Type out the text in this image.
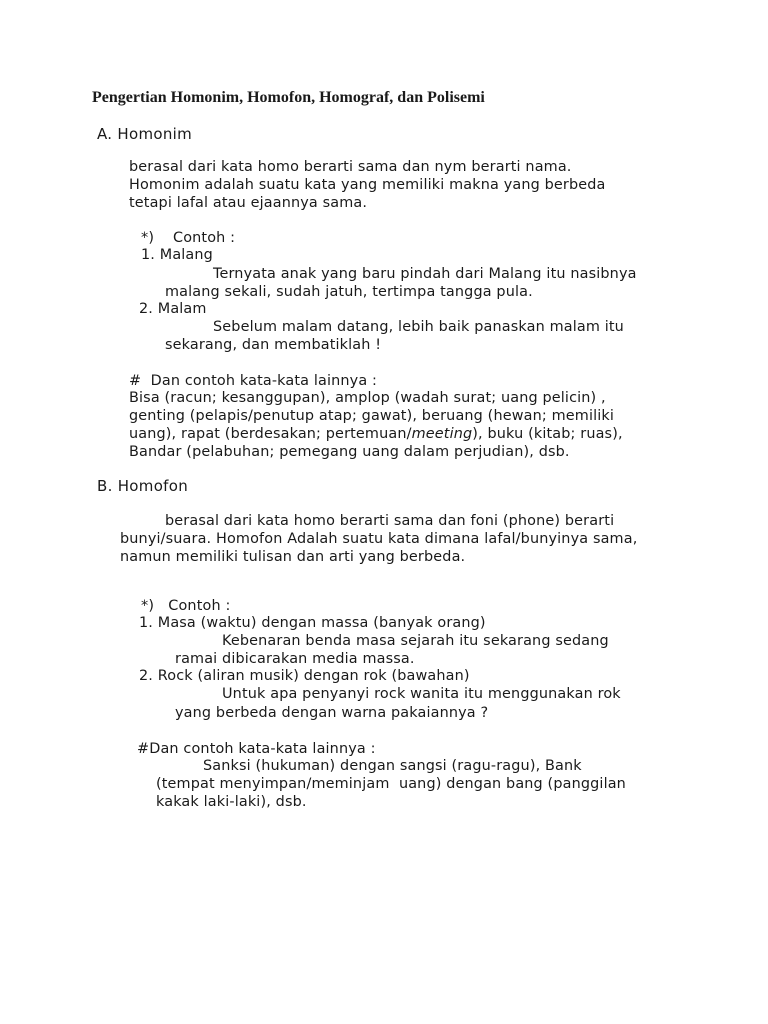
Pengertian Homonim, Homofon, Homograf, dan Polisemi
A. Homonim
berasal dari kata homo berarti sama dan nym berarti nama.
Homonim adalah suatu kata yang memiliki makna yang berbeda
tetapi lafal atau ejaannya sama.
*)    Contoh :
1. Malang
Ternyata anak yang baru pindah dari Malang itu nasibnya
malang sekali, sudah jatuh, tertimpa tangga pula.
2. Malam
Sebelum malam datang, lebih baik panaskan malam itu
sekarang, dan membatiklah !
#  Dan contoh kata-kata lainnya :
Bisa (racun; kesanggupan), amplop (wadah surat; uang pelicin) ,
genting (pelapis/penutup atap; gawat), beruang (hewan; memiliki
uang), rapat (berdesakan; pertemuan/meeting), buku (kitab; ruas),
Bandar (pelabuhan; pemegang uang dalam perjudian), dsb.
B. Homofon
berasal dari kata homo berarti sama dan foni (phone) berarti
bunyi/suara. Homofon Adalah suatu kata dimana lafal/bunyinya sama,
namun memiliki tulisan dan arti yang berbeda.
*)   Contoh :
1. Masa (waktu) dengan massa (banyak orang)
Kebenaran benda masa sejarah itu sekarang sedang
ramai dibicarakan media massa.
2. Rock (aliran musik) dengan rok (bawahan)
Untuk apa penyanyi rock wanita itu menggunakan rok
yang berbeda dengan warna pakaiannya ?
#Dan contoh kata-kata lainnya :
Sanksi (hukuman) dengan sangsi (ragu-ragu), Bank
(tempat menyimpan/meminjam  uang) dengan bang (panggilan
kakak laki-laki), dsb.
